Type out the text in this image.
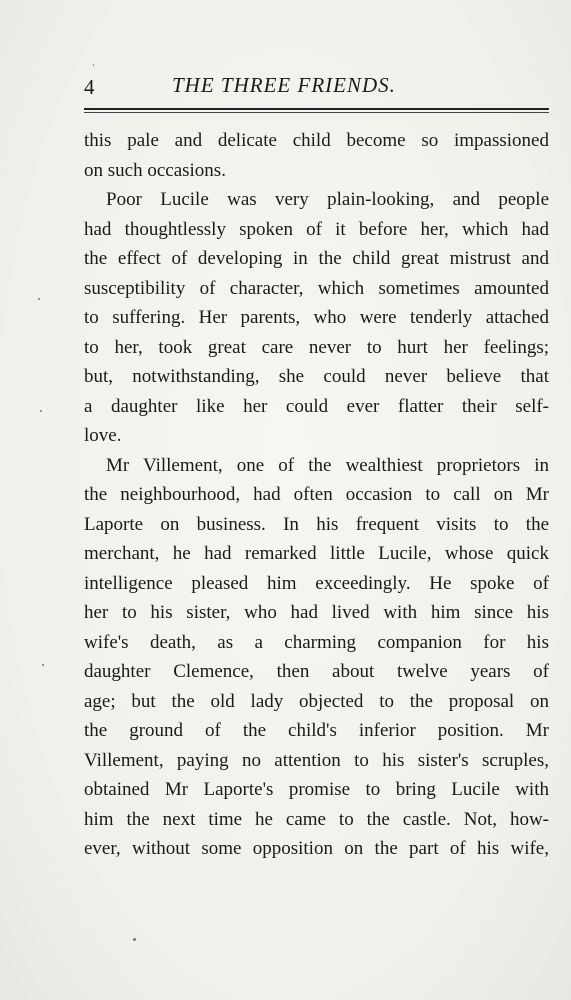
4	THE THREE FRIENDS.
this pale and delicate child become so impassioned
on such occasions.
Poor Lucile was very plain-looking, and people
had thoughtlessly spoken of it before her, which had
the effect of developing in the child great mistrust and
susceptibility of character, which sometimes amounted
to suffering. Her parents, who were tenderly attached
to her, took great care never to hurt her feelings;
but, notwithstanding, she could never believe that
a daughter like her could ever flatter their self-
love.
Mr Villement, one of the wealthiest proprietors in
the neighbourhood, had often occasion to call on Mr
Laporte on business. In his frequent visits to the
merchant, he had remarked little Lucile, whose quick
intelligence pleased him exceedingly. He spoke of
her to his sister, who had lived with him since his
wife's death, as a charming companion for his
daughter Clemence, then about twelve years of
age; but the old lady objected to the proposal on
the ground of the child's inferior position. Mr
Villement, paying no attention to his sister's scruples,
obtained Mr Laporte's promise to bring Lucile with
him the next time he came to the castle. Not, how-
ever, without some opposition on the part of his wife,
